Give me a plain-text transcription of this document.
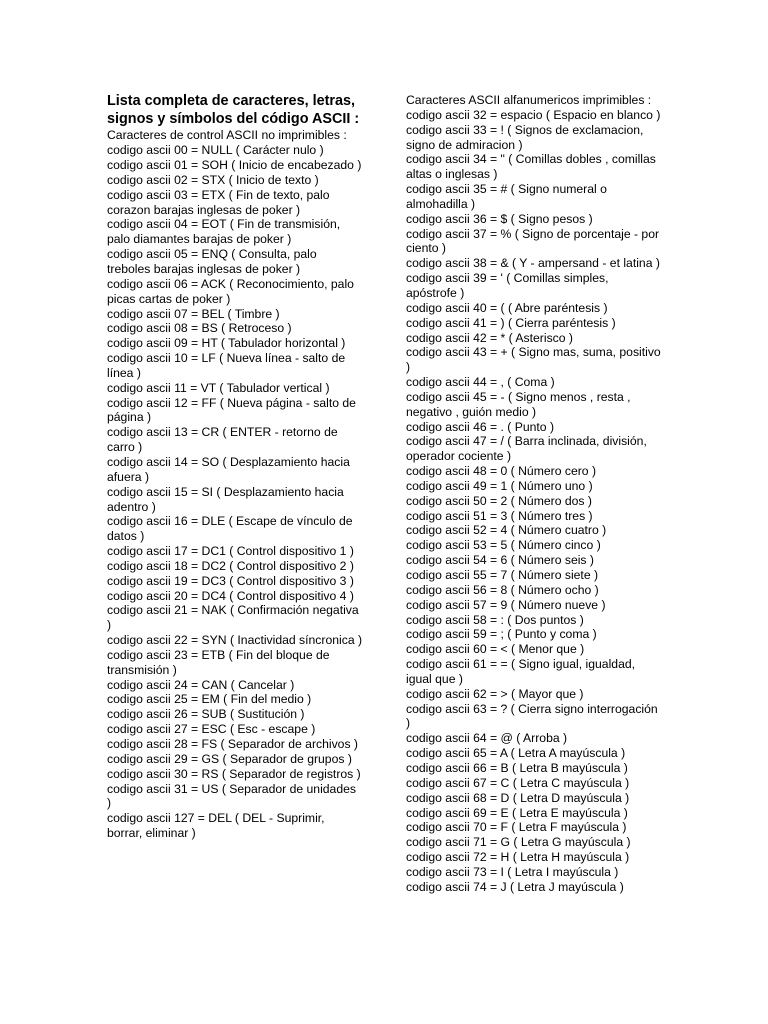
Lista completa de caracteres, letras, signos y símbolos del código ASCII :
Caracteres de control ASCII no imprimibles :
codigo ascii 00 = NULL ( Carácter nulo )
codigo ascii 01 = SOH ( Inicio de encabezado )
codigo ascii 02 = STX ( Inicio de texto )
codigo ascii 03 = ETX ( Fin de texto, palo corazon barajas inglesas de poker )
codigo ascii 04 = EOT ( Fin de transmisión, palo diamantes barajas de poker )
codigo ascii 05 = ENQ ( Consulta, palo treboles barajas inglesas de poker )
codigo ascii 06 = ACK ( Reconocimiento, palo picas cartas de poker )
codigo ascii 07 = BEL ( Timbre )
codigo ascii 08 = BS ( Retroceso )
codigo ascii 09 = HT ( Tabulador horizontal )
codigo ascii 10 = LF ( Nueva línea - salto de línea )
codigo ascii 11 = VT ( Tabulador vertical )
codigo ascii 12 = FF ( Nueva página - salto de página )
codigo ascii 13 = CR ( ENTER - retorno de carro )
codigo ascii 14 = SO ( Desplazamiento hacia afuera )
codigo ascii 15 = SI ( Desplazamiento hacia adentro )
codigo ascii 16 = DLE ( Escape de vínculo de datos )
codigo ascii 17 = DC1 ( Control dispositivo 1 )
codigo ascii 18 = DC2 ( Control dispositivo 2 )
codigo ascii 19 = DC3 ( Control dispositivo 3 )
codigo ascii 20 = DC4 ( Control dispositivo 4 )
codigo ascii 21 = NAK ( Confirmación negativa )
codigo ascii 22 = SYN ( Inactividad síncronica )
codigo ascii 23 = ETB ( Fin del bloque de transmisión )
codigo ascii 24 = CAN ( Cancelar )
codigo ascii 25 = EM ( Fin del medio )
codigo ascii 26 = SUB ( Sustitución )
codigo ascii 27 = ESC ( Esc - escape )
codigo ascii 28 = FS ( Separador de archivos )
codigo ascii 29 = GS ( Separador de grupos )
codigo ascii 30 = RS ( Separador de registros )
codigo ascii 31 = US ( Separador de unidades )
codigo ascii 127 = DEL ( DEL - Suprimir, borrar, eliminar )
Caracteres ASCII alfanumericos imprimibles :
codigo ascii 32 = espacio ( Espacio en blanco )
codigo ascii 33 = ! ( Signos de exclamacion, signo de admiracion )
codigo ascii 34 = " ( Comillas dobles , comillas altas o inglesas )
codigo ascii 35 = # ( Signo numeral o almohadilla )
codigo ascii 36 = $ ( Signo pesos )
codigo ascii 37 = % ( Signo de porcentaje - por ciento )
codigo ascii 38 = & ( Y - ampersand - et latina )
codigo ascii 39 = ' ( Comillas simples, apóstrofe )
codigo ascii 40 = ( ( Abre paréntesis )
codigo ascii 41 = ) ( Cierra paréntesis )
codigo ascii 42 = * ( Asterisco )
codigo ascii 43 = + ( Signo mas, suma, positivo )
codigo ascii 44 = , ( Coma )
codigo ascii 45 = - ( Signo menos , resta , negativo , guión medio )
codigo ascii 46 = . ( Punto )
codigo ascii 47 = / ( Barra inclinada, división, operador cociente )
codigo ascii 48 = 0 ( Número cero )
codigo ascii 49 = 1 ( Número uno )
codigo ascii 50 = 2 ( Número dos )
codigo ascii 51 = 3 ( Número tres )
codigo ascii 52 = 4 ( Número cuatro )
codigo ascii 53 = 5 ( Número cinco )
codigo ascii 54 = 6 ( Número seis )
codigo ascii 55 = 7 ( Número siete )
codigo ascii 56 = 8 ( Número ocho )
codigo ascii 57 = 9 ( Número nueve )
codigo ascii 58 = : ( Dos puntos )
codigo ascii 59 = ; ( Punto y coma )
codigo ascii 60 = < ( Menor que )
codigo ascii 61 = = ( Signo igual, igualdad, igual que )
codigo ascii 62 = > ( Mayor que )
codigo ascii 63 = ? ( Cierra signo interrogación )
codigo ascii 64 = @ ( Arroba )
codigo ascii 65 = A ( Letra A mayúscula )
codigo ascii 66 = B ( Letra B mayúscula )
codigo ascii 67 = C ( Letra C mayúscula )
codigo ascii 68 = D ( Letra D mayúscula )
codigo ascii 69 = E ( Letra E mayúscula )
codigo ascii 70 = F ( Letra F mayúscula )
codigo ascii 71 = G ( Letra G mayúscula )
codigo ascii 72 = H ( Letra H mayúscula )
codigo ascii 73 = I ( Letra I mayúscula )
codigo ascii 74 = J ( Letra J mayúscula )
